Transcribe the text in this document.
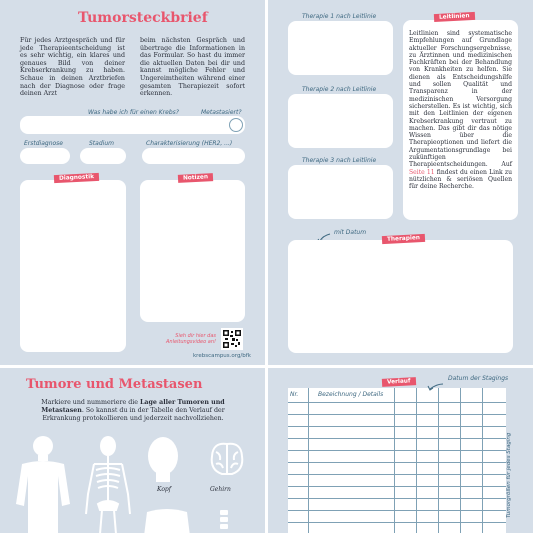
Tumorsteckbrief
Für jedes Arztgespräch und für jede Therapieentscheidung ist es sehr wichtig, ein klares und genaues Bild von deiner Krebserkrankung zu haben. Schaue in deinen Arztbriefen nach der Diagnose oder frage deinen Arzt
beim nächsten Gespräch und übertrage die Informationen in das Formular. So hast du immer die aktuellen Daten bei dir und kannst mögliche Fehler und Ungereimtheiten während einer gesamten Therapiezeit sofort erkennen.
Was habe ich für einen Krebs?	Metastasiert?
Erstdiagnose	Stadium	Charakterisierung (HER2, ...)
Diagnostik	Notizen
Sieh dir hier das Anleitungsvideo an!
krebscampus.org/bfk
Therapie 1 nach Leitlinie
Therapie 2 nach Leitlinie
Therapie 3 nach Leitlinie
Leitlinien
Leitlinien sind systematische Empfehlungen auf Grundlage aktueller Forschungsergebnisse, zu Ärztinnen und medizinischen Fachkräften bei der Behandlung von Krankheiten zu helfen. Sie dienen als Entscheidungshilfe und sollen Qualität und Transparenz in der medizinischen Versorgung sicherstellen. Es ist wichtig, sich mit den Leitlinien der eigenen Krebserkrankung vertraut zu machen. Das gibt dir das nötige Wissen über die Therapieoptionen und liefert die Argumentationsgrundlage bei zukünftigen Therapieentscheidungen. Auf Seite 11 findest du einen Link zu nützlichen & seriösen Quellen für deine Recherche.
mit Datum
Therapien
Tumore und Metastasen
Markiere und nummeriere die Lage aller Tumoren und Metastasen. So kannst du in der Tabelle den Verlauf der Erkrankung protokollieren und jederzeit nachvollziehen.
Kopf	Gehirn
Nr.	Bezeichnung / Details
Verlauf	Datum der Stagings
Tumorgrößen für jedes Staging
